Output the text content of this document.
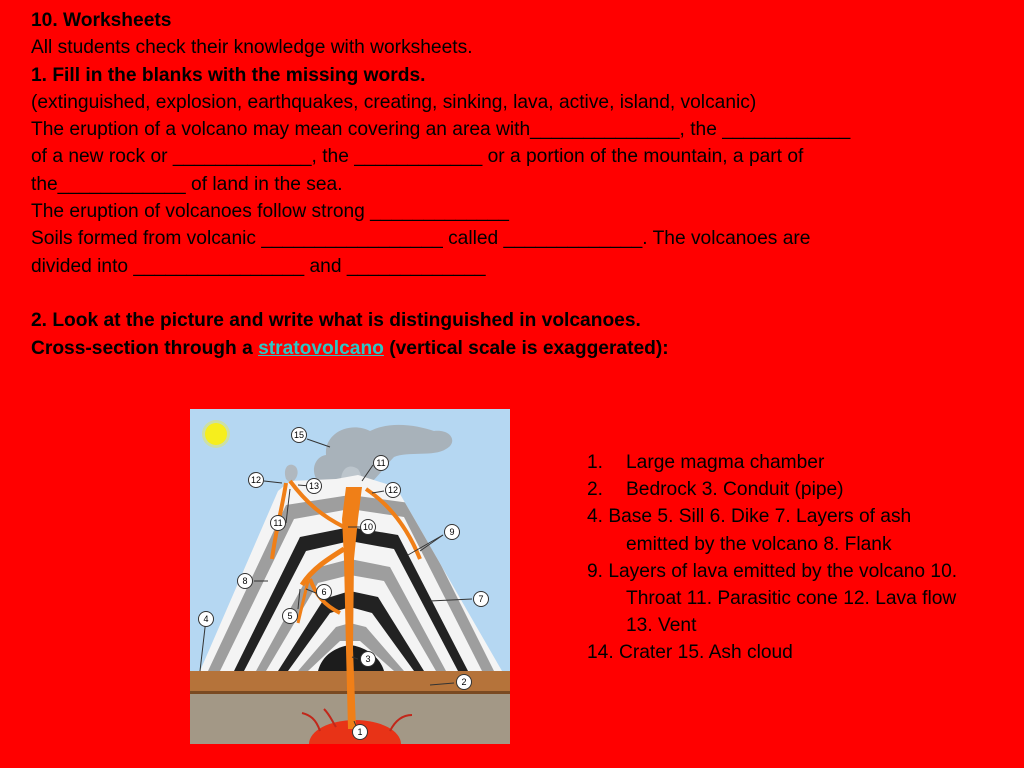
10. Worksheets

All students check their knowledge with worksheets.

1. Fill in the blanks with the missing words.

(extinguished, explosion, earthquakes, creating, sinking, lava, active, island, volcanic)

The eruption of a volcano may mean covering an area with______________, the ____________

of a new rock or _____________, the ____________ or a portion of the mountain, a part of

the____________ of land in the sea.

The eruption of volcanoes follow strong _____________

Soils formed from volcanic _________________ called _____________. The volcanoes are

divided into ________________ and _____________

2. Look at the picture and write what is distinguished in volcanoes.

Cross-section through a stratovolcano (vertical scale is exaggerated):

15
11
12
13	12
11	10	9
8
6
7
5
4
3
2
1
1. Large magma chamber
2. Bedrock 3. Conduit (pipe)
4. Base 5. Sill 6. Dike 7. Layers of ash emitted by the volcano 8. Flank
9. Layers of lava emitted by the volcano 10. Throat 11. Parasitic cone 12. Lava flow 13. Vent
14. Crater 15. Ash cloud
